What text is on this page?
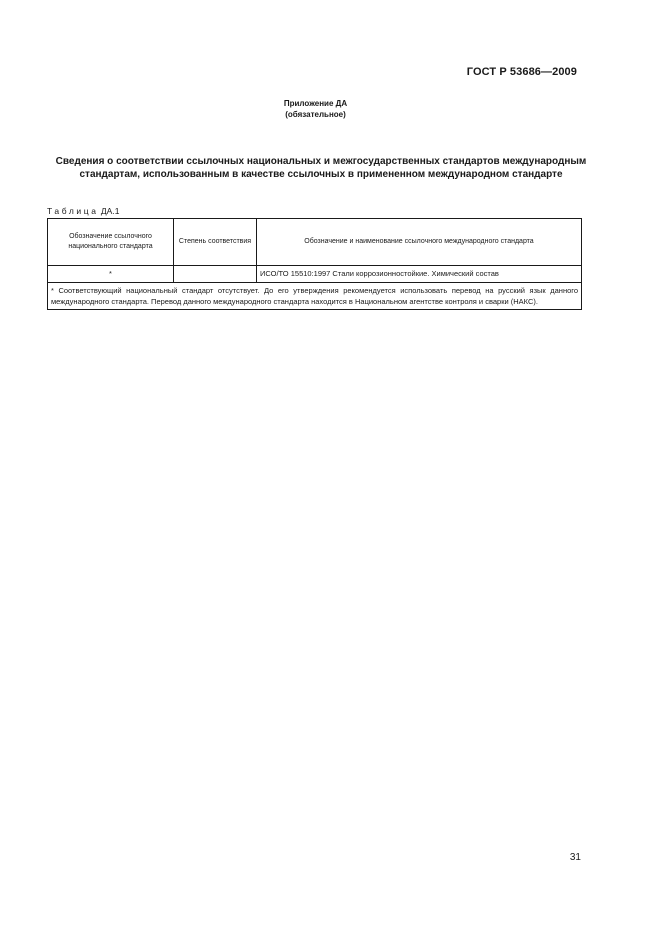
ГОСТ Р 53686—2009
Приложение ДА
(обязательное)
Сведения о соответствии ссылочных национальных и межгосударственных стандартов международным стандартам, использованным в качестве ссылочных в примененном международном стандарте
Таблица ДА.1
Обозначение ссылочного национального стандарта	Степень соответствия	Обозначение и наименование ссылочного международного стандарта
*		ИСО/ТО 15510:1997 Стали коррозионностойкие. Химический состав
* Соответствующий национальный стандарт отсутствует. До его утверждения рекомендуется использовать перевод на русский язык данного международного стандарта. Перевод данного международного стандарта находится в Национальном агентстве контроля и сварки (НАКС).		
31
